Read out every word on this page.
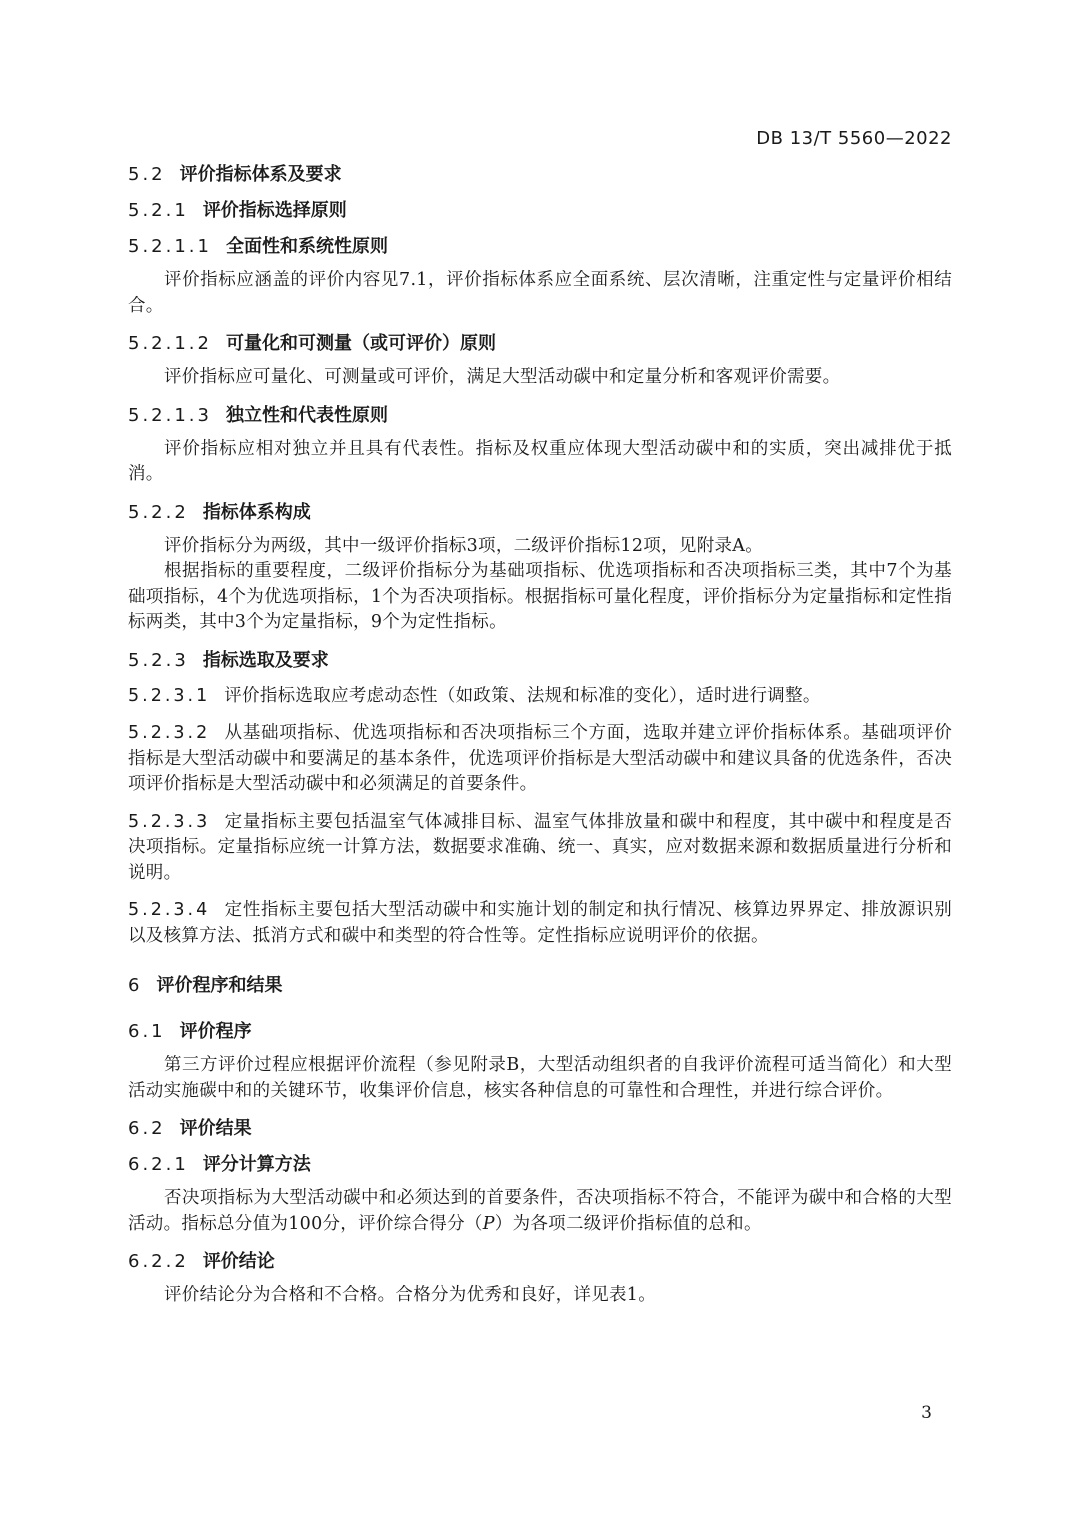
DB 13/T 5560—2022
5.2 评价指标体系及要求
5.2.1 评价指标选择原则
5.2.1.1 全面性和系统性原则
评价指标应涵盖的评价内容见7.1，评价指标体系应全面系统、层次清晰，注重定性与定量评价相结合。
5.2.1.2 可量化和可测量（或可评价）原则
评价指标应可量化、可测量或可评价，满足大型活动碳中和定量分析和客观评价需要。
5.2.1.3 独立性和代表性原则
评价指标应相对独立并且具有代表性。指标及权重应体现大型活动碳中和的实质，突出减排优于抵消。
5.2.2 指标体系构成
评价指标分为两级，其中一级评价指标3项，二级评价指标12项，见附录A。
根据指标的重要程度，二级评价指标分为基础项指标、优选项指标和否决项指标三类，其中7个为基础项指标，4个为优选项指标，1个为否决项指标。根据指标可量化程度，评价指标分为定量指标和定性指标两类，其中3个为定量指标，9个为定性指标。
5.2.3 指标选取及要求
5.2.3.1 评价指标选取应考虑动态性（如政策、法规和标准的变化），适时进行调整。
5.2.3.2 从基础项指标、优选项指标和否决项指标三个方面，选取并建立评价指标体系。基础项评价指标是大型活动碳中和要满足的基本条件，优选项评价指标是大型活动碳中和建议具备的优选条件，否决项评价指标是大型活动碳中和必须满足的首要条件。
5.2.3.3 定量指标主要包括温室气体减排目标、温室气体排放量和碳中和程度，其中碳中和程度是否决项指标。定量指标应统一计算方法，数据要求准确、统一、真实，应对数据来源和数据质量进行分析和说明。
5.2.3.4 定性指标主要包括大型活动碳中和实施计划的制定和执行情况、核算边界界定、排放源识别以及核算方法、抵消方式和碳中和类型的符合性等。定性指标应说明评价的依据。
6 评价程序和结果
6.1 评价程序
第三方评价过程应根据评价流程（参见附录B，大型活动组织者的自我评价流程可适当简化）和大型活动实施碳中和的关键环节，收集评价信息，核实各种信息的可靠性和合理性，并进行综合评价。
6.2 评价结果
6.2.1 评分计算方法
否决项指标为大型活动碳中和必须达到的首要条件，否决项指标不符合，不能评为碳中和合格的大型活动。指标总分值为100分，评价综合得分（P）为各项二级评价指标值的总和。
6.2.2 评价结论
评价结论分为合格和不合格。合格分为优秀和良好，详见表1。
3
